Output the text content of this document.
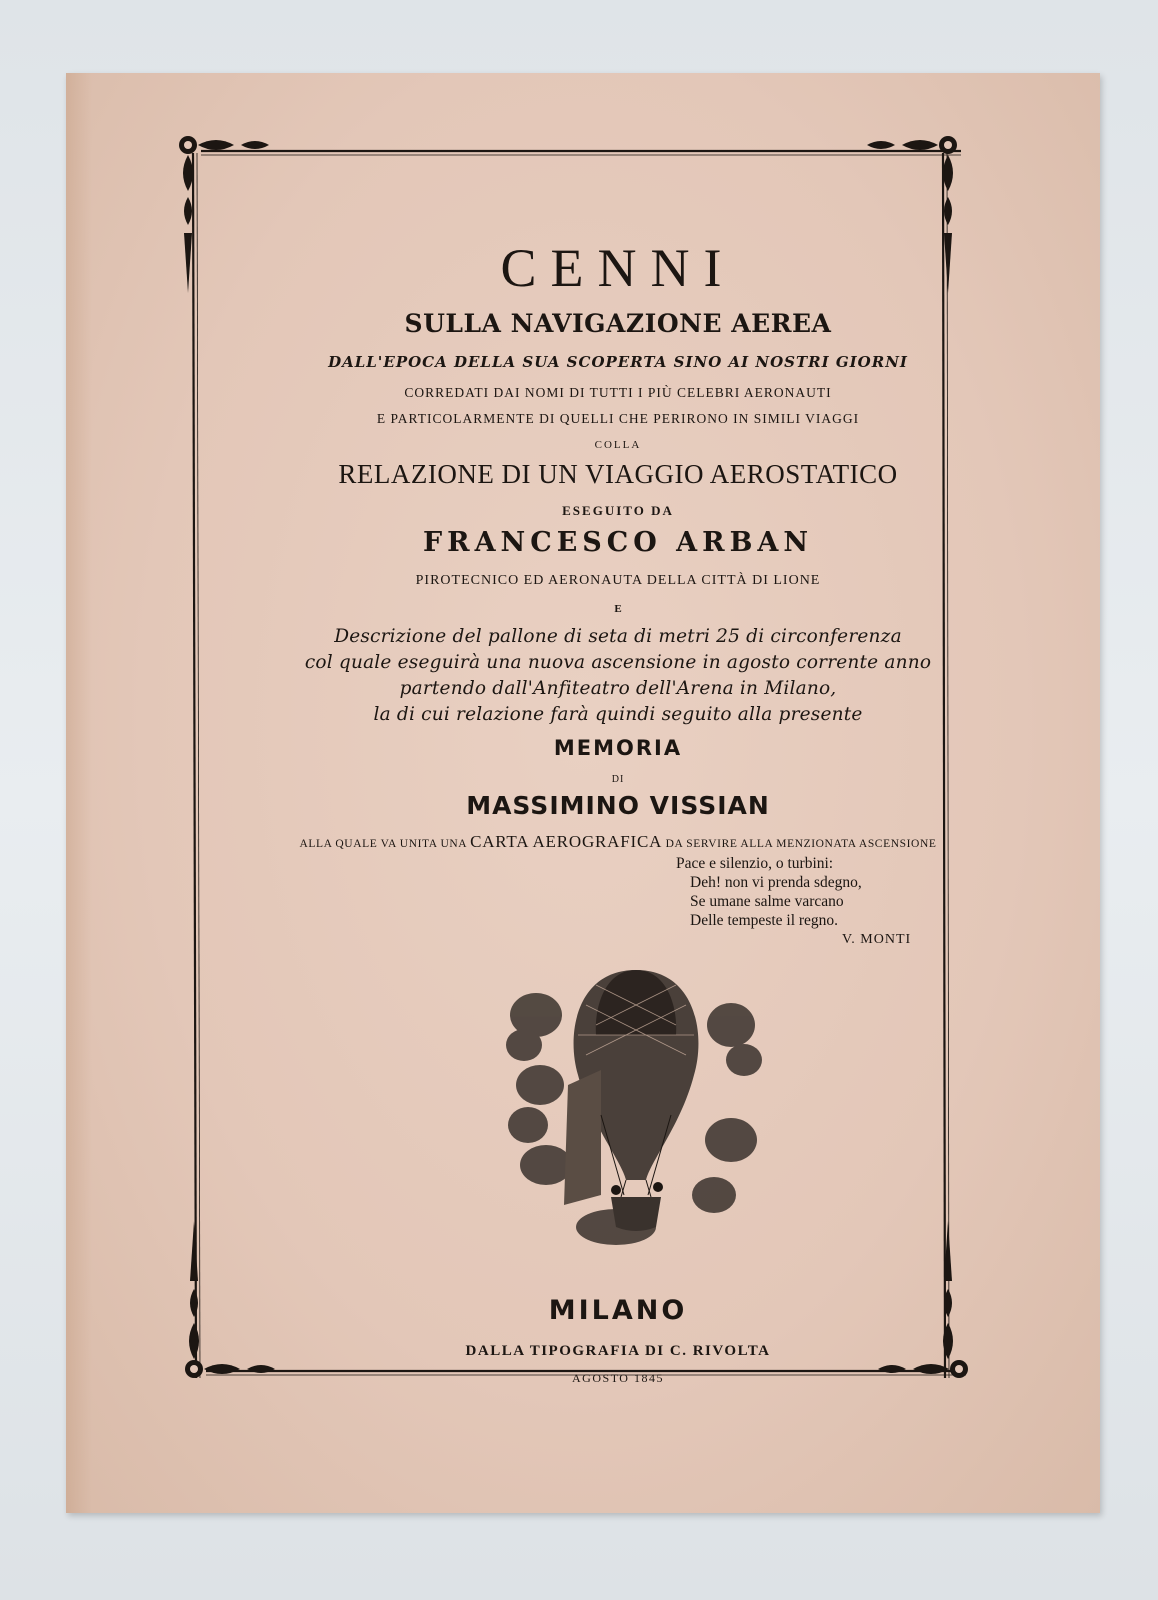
CENNI
SULLA NAVIGAZIONE AEREA
DALL'EPOCA DELLA SUA SCOPERTA SINO AI NOSTRI GIORNI
CORREDATI DAI NOMI DI TUTTI I PIÙ CELEBRI AERONAUTI
E PARTICOLARMENTE DI QUELLI CHE PERIRONO IN SIMILI VIAGGI
COLLA
RELAZIONE DI UN VIAGGIO AEROSTATICO
ESEGUITO DA
FRANCESCO ARBAN
PIROTECNICO ED AERONAUTA DELLA CITTÀ DI LIONE
E
Descrizione del pallone di seta di metri 25 di circonferenza
col quale eseguirà una nuova ascensione in agosto corrente anno
partendo dall'Anfiteatro dell'Arena in Milano,
la di cui relazione farà quindi seguito alla presente
MEMORIA
DI
MASSIMINO VISSIAN
ALLA QUALE VA UNITA UNA CARTA AEROGRAFICA DA SERVIRE ALLA MENZIONATA ASCENSIONE
Pace e silenzio, o turbini:
Deh! non vi prenda sdegno,
Se umane salme varcano
Delle tempeste il regno.
V. MONTI
MILANO
DALLA TIPOGRAFIA DI C. RIVOLTA
AGOSTO 1845
